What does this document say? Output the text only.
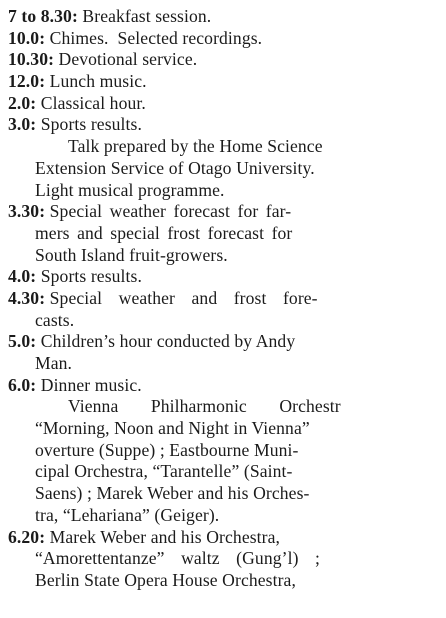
7 to 8.30: Breakfast session.
10.0: Chimes.  Selected recordings.
10.30: Devotional service.
12.0: Lunch music.
2.0: Classical hour.
3.0: Sports results.
Talk prepared by the Home Science
Extension Service of Otago University.
Light musical programme.
3.30: Special weather forecast for far-
mers and special frost forecast for
South Island fruit-growers.
4.0: Sports results.
4.30: Special weather and frost fore-
casts.
5.0: Children’s hour conducted by Andy
Man.
6.0: Dinner music.
Vienna Philharmonic Orchestr
“Morning, Noon and Night in Vienna”
overture (Suppe) ; Eastbourne Muni-
cipal Orchestra, “Tarantelle” (Saint-
Saens) ; Marek Weber and his Orches-
tra, “Lehariana” (Geiger).
6.20: Marek Weber and his Orchestra,
“Amorettentanze” waltz (Gung’l) ;
Berlin State Opera House Orchestra,
